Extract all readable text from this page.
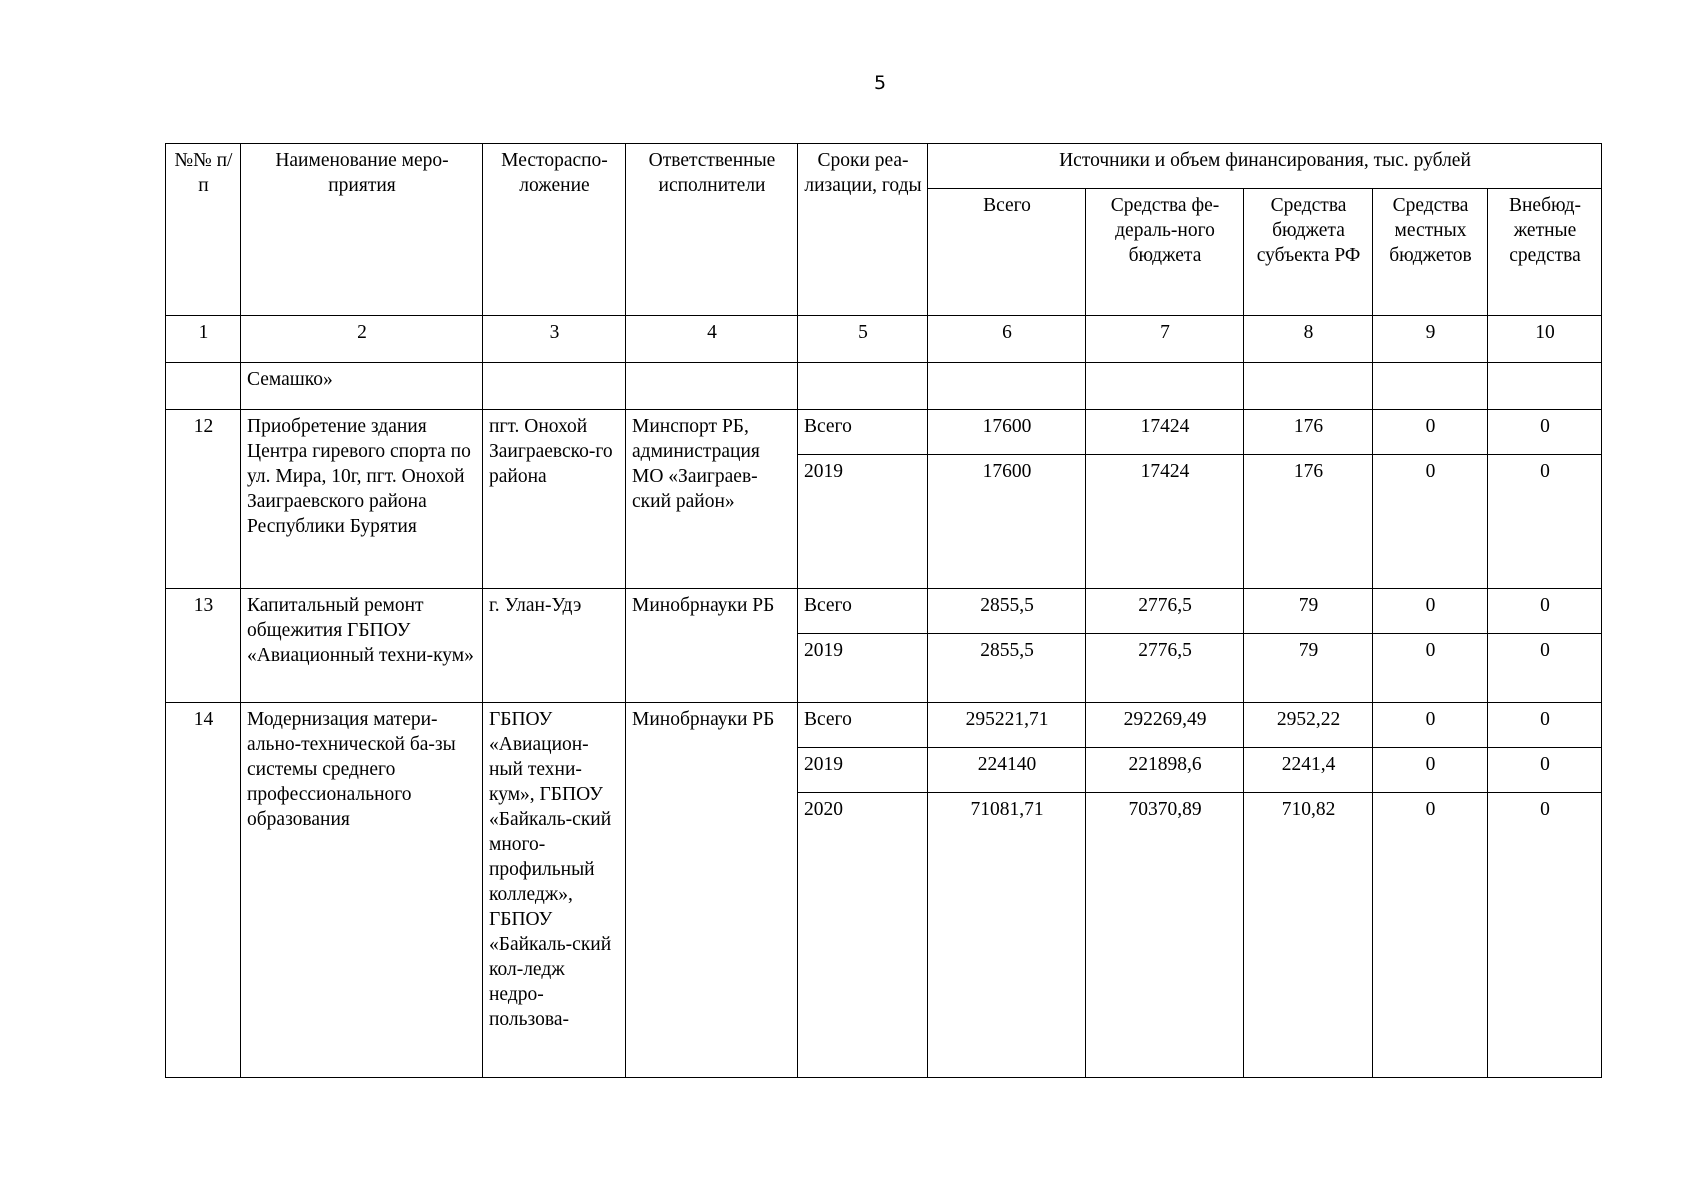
5
№№ п/п	Наименование меро-приятия	Местораспо-ложение	Ответственные исполнители	Сроки реа-лизации, годы	Источники и объем финансирования, тыс. рублей				
					Всего	Средства фе-дераль-ного бюджета	Средства бюджета субъекта РФ	Средства местных бюджетов	Внебюд-жетные средства
1	2	3	4	5	6	7	8	9	10
	Семашко»								
12	Приобретение здания Центра гиревого спорта по ул. Мира, 10г, пгт. Онохой Заиграевского района Республики Бурятия	пгт. Онохой Заиграевско-го района	Минспорт РБ, администрация МО «Заиграев-ский район»	Всего	17600	17424	176	0	0
				2019	17600	17424	176	0	0
13	Капитальный ремонт общежития ГБПОУ «Авиационный техни-кум»	г. Улан-Удэ	Минобрнауки РБ	Всего	2855,5	2776,5	79	0	0
				2019	2855,5	2776,5	79	0	0
14	Модернизация матери-ально-технической ба-зы системы среднего профессионального образования	ГБПОУ «Авиацион-ный техни-кум», ГБПОУ «Байкаль-ский много-профильный колледж», ГБПОУ «Байкаль-ский кол-ледж недро-пользова-	Минобрнауки РБ	Всего	295221,71	292269,49	2952,22	0	0
				2019	224140	221898,6	2241,4	0	0
				2020	71081,71	70370,89	710,82	0	0
